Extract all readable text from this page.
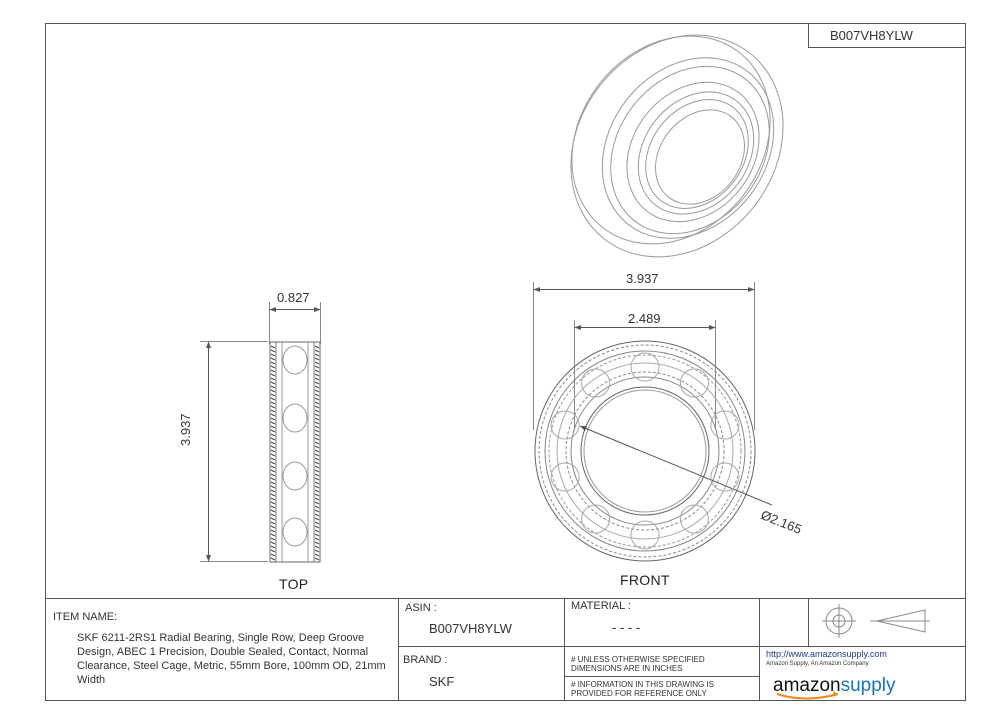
B007VH8YLW
0.827
3.937
TOP
3.937
2.489
Ø2.165
FRONT
ITEM NAME:
SKF 6211-2RS1 Radial Bearing, Single Row, Deep Groove Design, ABEC 1 Precision, Double Sealed, Contact, Normal Clearance, Steel Cage, Metric, 55mm Bore, 100mm OD, 21mm Width
ASIN :
B007VH8YLW
BRAND :
SKF
MATERIAL :
- - - -
# UNLESS OTHERWISE SPECIFIED DIMENSIONS ARE IN INCHES
# INFORMATION IN THIS DRAWING IS PROVIDED FOR REFERENCE ONLY
http://www.amazonsupply.com
Amazon Supply, An Amazon Company
amazonsupply
